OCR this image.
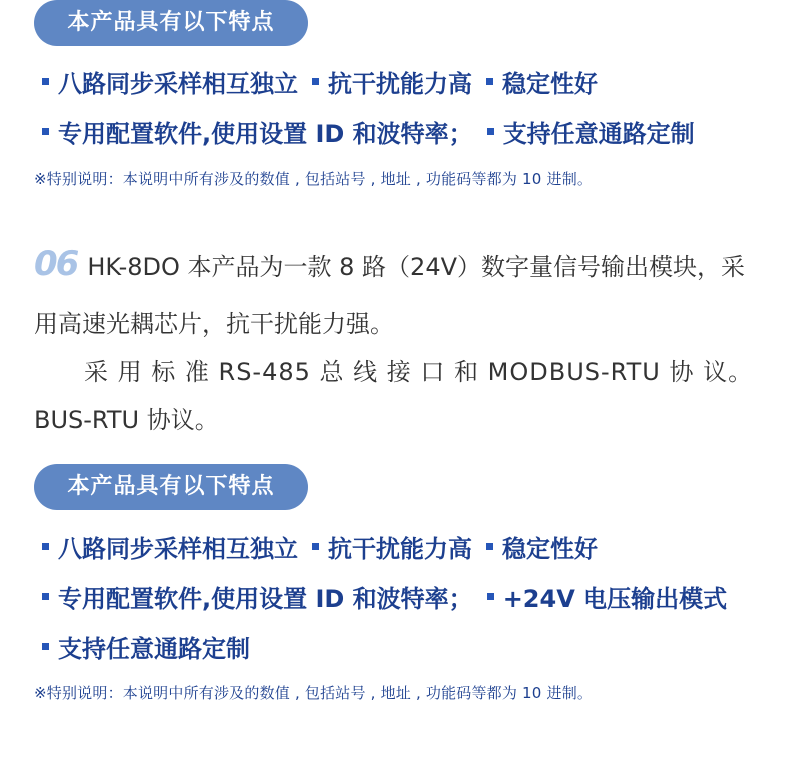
本产品具有以下特点
八路同步采样相互独立 抗干扰能力高 稳定性好
专用配置软件,使用设置 ID 和波特率； 支持任意通路定制
※特别说明：本说明中所有涉及的数值 , 包括站号 , 地址 , 功能码等都为 10 进制。
06 HK-8DO 本产品为一款 8 路（24V）数字量信号输出模块，采
用高速光耦芯片，抗干扰能力强。
采 用 标 准 RS-485 总 线 接 口 和 MODBUS-RTU 协 议。
BUS-RTU 协议。
本产品具有以下特点
八路同步采样相互独立 抗干扰能力高 稳定性好
专用配置软件,使用设置 ID 和波特率； +24V 电压输出模式
支持任意通路定制
※特别说明：本说明中所有涉及的数值 , 包括站号 , 地址 , 功能码等都为 10 进制。
